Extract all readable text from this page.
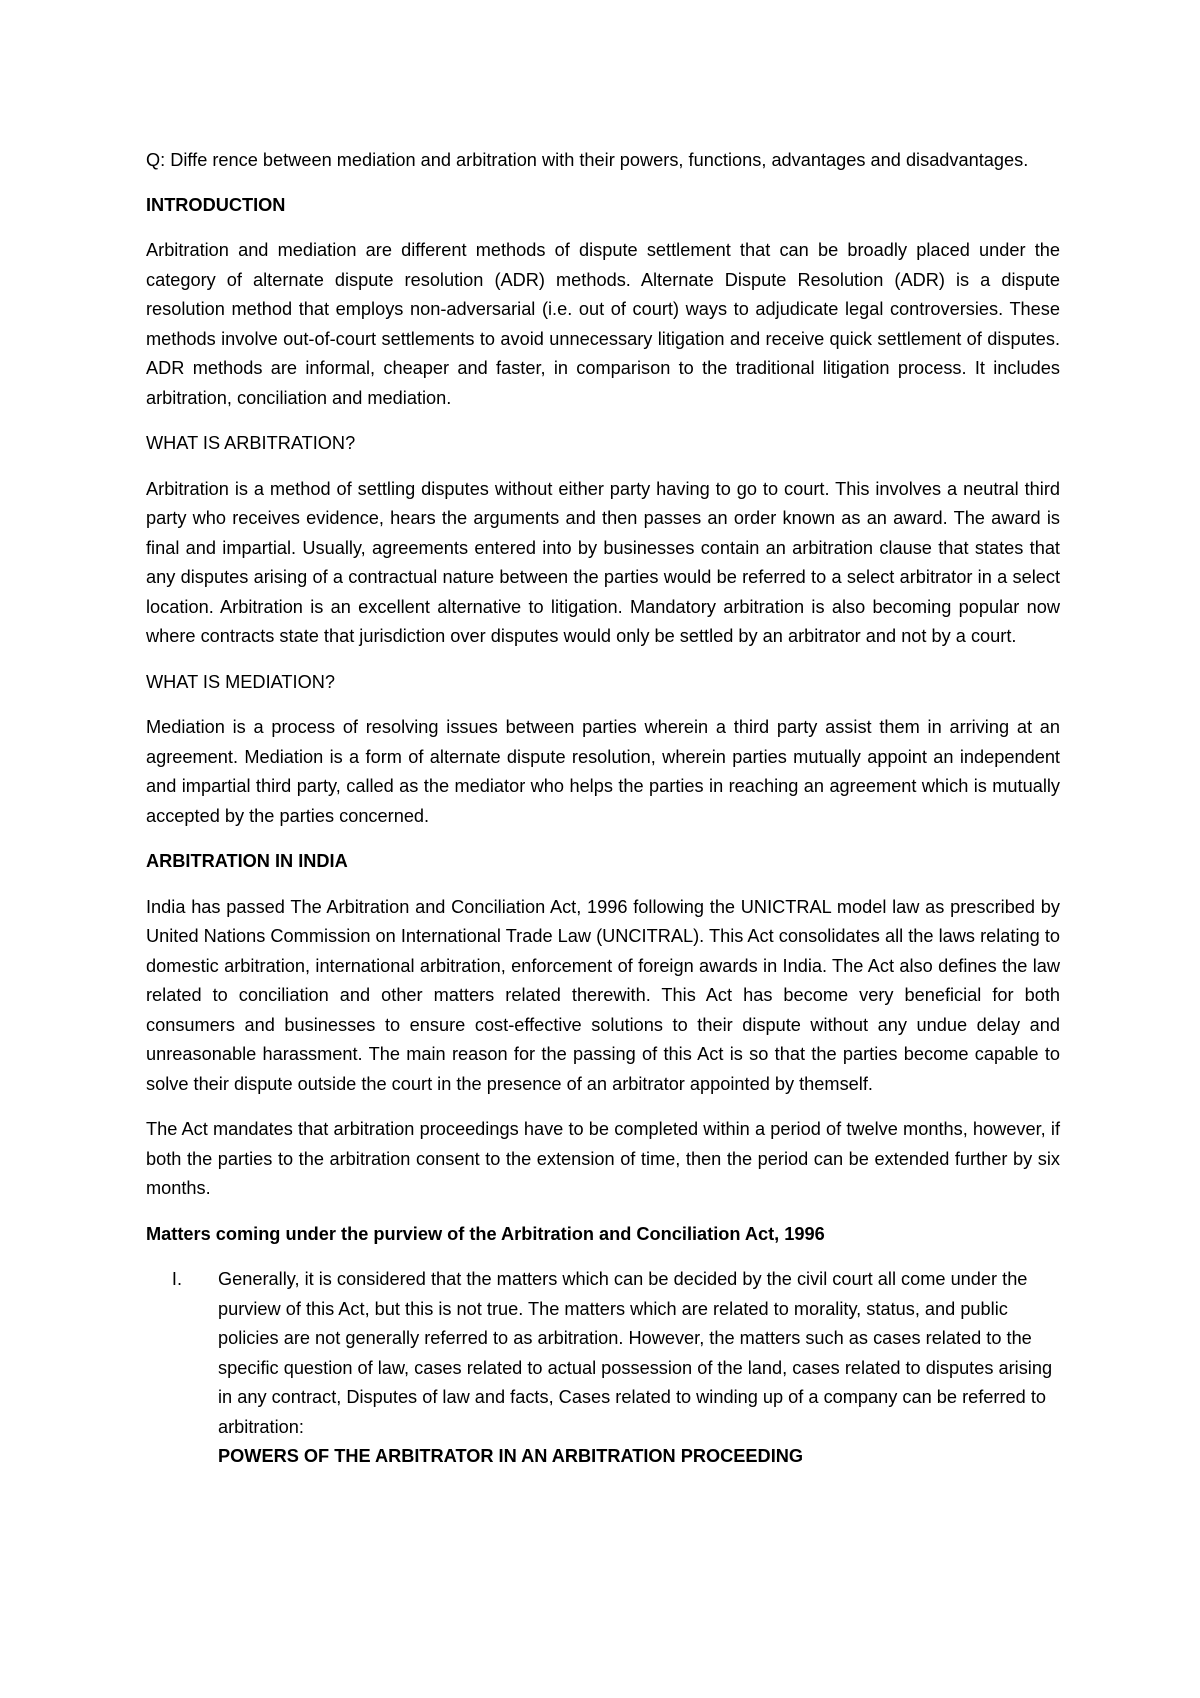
Q: Diffe rence between mediation and arbitration with their powers, functions, advantages and disadvantages.

INTRODUCTION

Arbitration and mediation are different methods of dispute settlement that can be broadly placed under the category of alternate dispute resolution (ADR) methods. Alternate Dispute Resolution (ADR) is a dispute resolution method that employs non-adversarial (i.e. out of court) ways to adjudicate legal controversies. These methods involve out-of-court settlements to avoid unnecessary litigation and receive quick settlement of disputes. ADR methods are informal, cheaper and faster, in comparison to the traditional litigation process. It includes arbitration, conciliation and mediation.

WHAT IS ARBITRATION?

Arbitration is a method of settling disputes without either party having to go to court. This involves a neutral third party who receives evidence, hears the arguments and then passes an order known as an award. The award is final and impartial. Usually, agreements entered into by businesses contain an arbitration clause that states that any disputes arising of a contractual nature between the parties would be referred to a select arbitrator in a select location. Arbitration is an excellent alternative to litigation. Mandatory arbitration is also becoming popular now where contracts state that jurisdiction over disputes would only be settled by an arbitrator and not by a court.

WHAT IS MEDIATION?

Mediation is a process of resolving issues between parties wherein a third party assist them in arriving at an agreement. Mediation is a form of alternate dispute resolution, wherein parties mutually appoint an independent and impartial third party, called as the mediator who helps the parties in reaching an agreement which is mutually accepted by the parties concerned.

ARBITRATION IN INDIA

India has passed The Arbitration and Conciliation Act, 1996 following the UNICTRAL model law as prescribed by United Nations Commission on International Trade Law (UNCITRAL). This Act consolidates all the laws relating to domestic arbitration, international arbitration, enforcement of foreign awards in India. The Act also defines the law related to conciliation and other matters related therewith. This Act has become very beneficial for both consumers and businesses to ensure cost-effective solutions to their dispute without any undue delay and unreasonable harassment. The main reason for the passing of this Act is so that the parties become capable to solve their dispute outside the court in the presence of an arbitrator appointed by themself.

The Act mandates that arbitration proceedings have to be completed within a period of twelve months, however, if both the parties to the arbitration consent to the extension of time, then the period can be extended further by six months.

Matters coming under the purview of the Arbitration and Conciliation Act, 1996

I. Generally, it is considered that the matters which can be decided by the civil court all come under the purview of this Act, but this is not true. The matters which are related to morality, status, and public policies are not generally referred to as arbitration. However, the matters such as cases related to the specific question of law, cases related to actual possession of the land, cases related to disputes arising in any contract, Disputes of law and facts, Cases related to winding up of a company can be referred to arbitration:
POWERS OF THE ARBITRATOR IN AN ARBITRATION PROCEEDING
